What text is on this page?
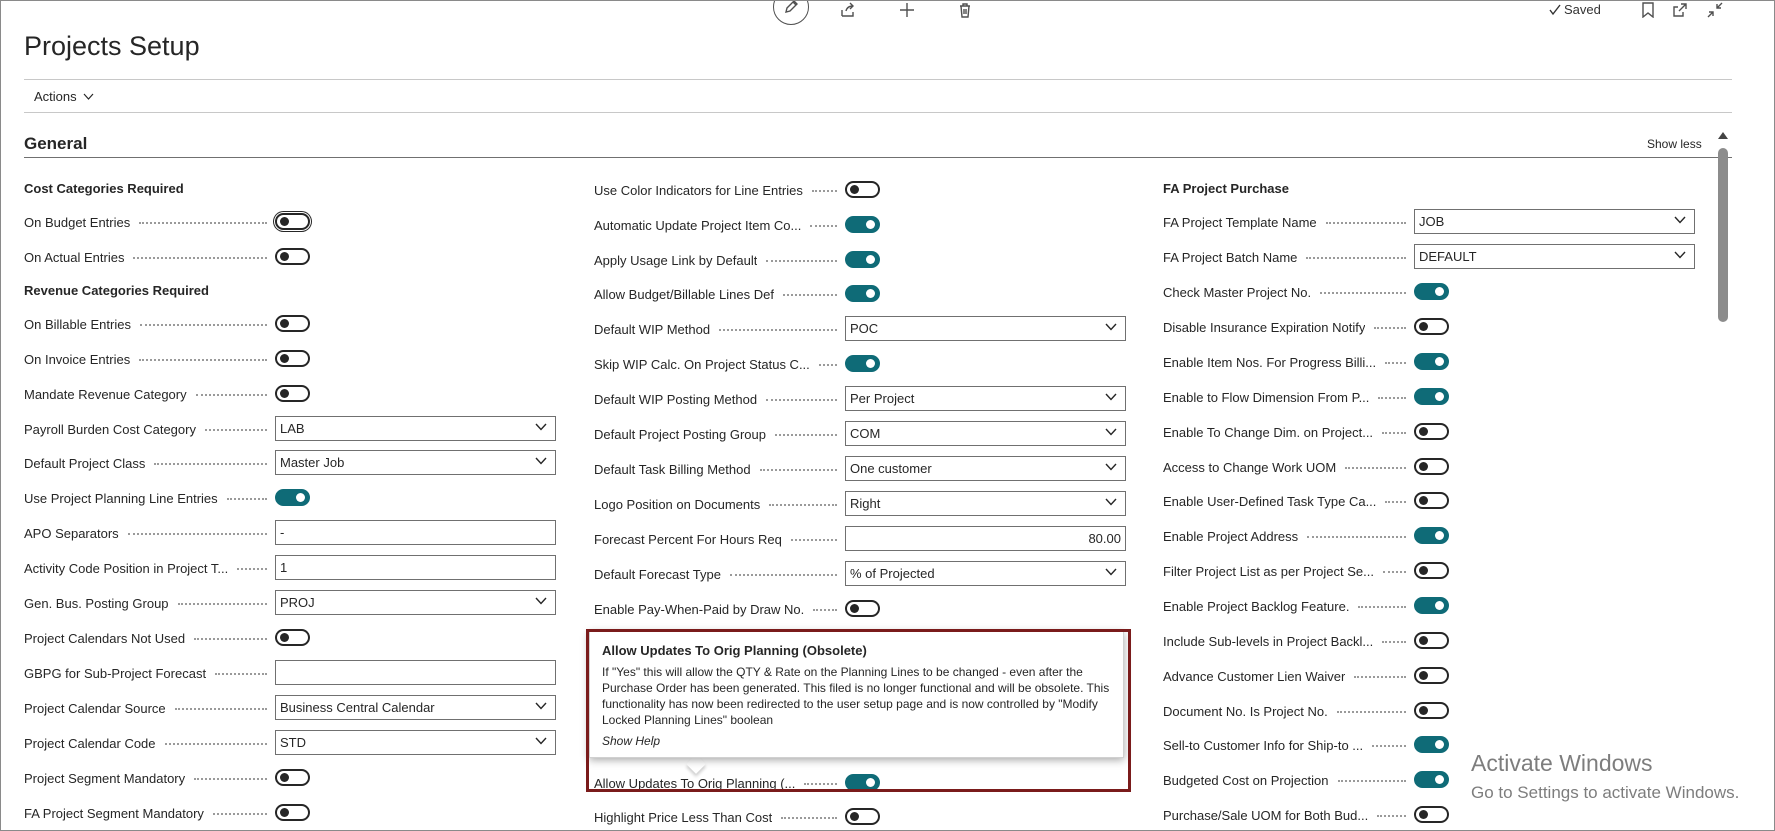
Saved
Projects Setup
Actions
General	Show less
Cost Categories Required
Revenue Categories Required
FA Project Purchase
On Budget Entries
On Actual Entries
On Billable Entries
On Invoice Entries
Mandate Revenue Category
Payroll Burden Cost Category	LAB
Default Project Class	Master Job
Use Project Planning Line Entries
APO Separators	-
Activity Code Position in Project T...	1
Gen. Bus. Posting Group	PROJ
Project Calendars Not Used
GBPG for Sub-Project Forecast
Project Calendar Source	Business Central Calendar
Project Calendar Code	STD
Project Segment Mandatory
FA Project Segment Mandatory
Use Color Indicators for Line Entries
Automatic Update Project Item Co...
Apply Usage Link by Default
Allow Budget/Billable Lines Def
Default WIP Method	POC
Skip WIP Calc. On Project Status C...
Default WIP Posting Method	Per Project
Default Project Posting Group	COM
Default Task Billing Method	One customer
Logo Position on Documents	Right
Forecast Percent For Hours Req	80.00
Default Forecast Type	% of Projected
Enable Pay-When-Paid by Draw No.
Allow Updates To Orig Planning (...
Highlight Price Less Than Cost
FA Project Template Name	JOB
FA Project Batch Name	DEFAULT
Check Master Project No.
Disable Insurance Expiration Notify
Enable Item Nos. For Progress Billi...
Enable to Flow Dimension From P...
Enable To Change Dim. on Project...
Access to Change Work UOM
Enable User-Defined Task Type Ca...
Enable Project Address
Filter Project List as per Project Se...
Enable Project Backlog Feature.
Include Sub-levels in Project Backl...
Advance Customer Lien Waiver
Document No. Is Project No.
Sell-to Customer Info for Ship-to ...
Budgeted Cost on Projection
Purchase/Sale UOM for Both Bud...
Allow Updates To Orig Planning (Obsolete)
If "Yes" this will allow the QTY & Rate on the Planning Lines to be changed - even after the Purchase Order has been generated. This filed is no longer functional and will be obsolete. This functionality has now been redirected to the user setup page and is now controlled by "Modify Locked Planning Lines" boolean
Show Help
Activate Windows
Go to Settings to activate Windows.
